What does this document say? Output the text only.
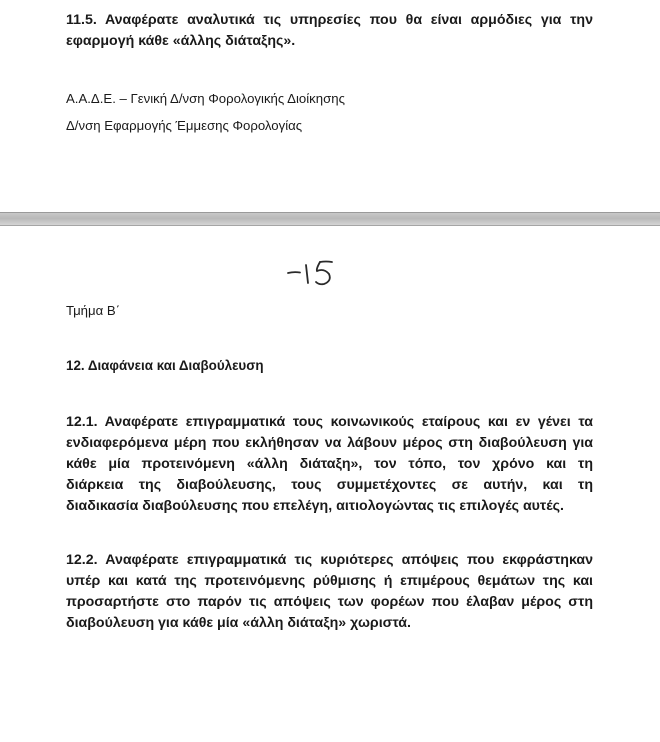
11.5. Αναφέρατε αναλυτικά τις υπηρεσίες που θα είναι αρμόδιες για την
εφαρμογή κάθε «άλλης διάταξης».

Α.Α.Δ.Ε. – Γενική Δ/νση Φορολογικής Διοίκησης

Δ/νση Εφαρμογής Έμμεσης Φορολογίας

Τμήμα Β΄

12. Διαφάνεια και Διαβούλευση

12.1. Αναφέρατε επιγραμματικά τους κοινωνικούς εταίρους και εν γένει τα
ενδιαφερόμενα μέρη που εκλήθησαν να λάβουν μέρος στη διαβούλευση για
κάθε μία προτεινόμενη «άλλη διάταξη», τον τόπο, τον χρόνο και τη
διάρκεια της διαβούλευσης, τους συμμετέχοντες σε αυτήν, και τη
διαδικασία διαβούλευσης που επελέγη, αιτιολογώντας τις επιλογές αυτές.
12.2. Αναφέρατε επιγραμματικά τις κυριότερες απόψεις που εκφράστηκαν
υπέρ και κατά της προτεινόμενης ρύθμισης ή επιμέρους θεμάτων της και
προσαρτήστε στο παρόν τις απόψεις των φορέων που έλαβαν μέρος στη
διαβούλευση για κάθε μία «άλλη διάταξη» χωριστά.
